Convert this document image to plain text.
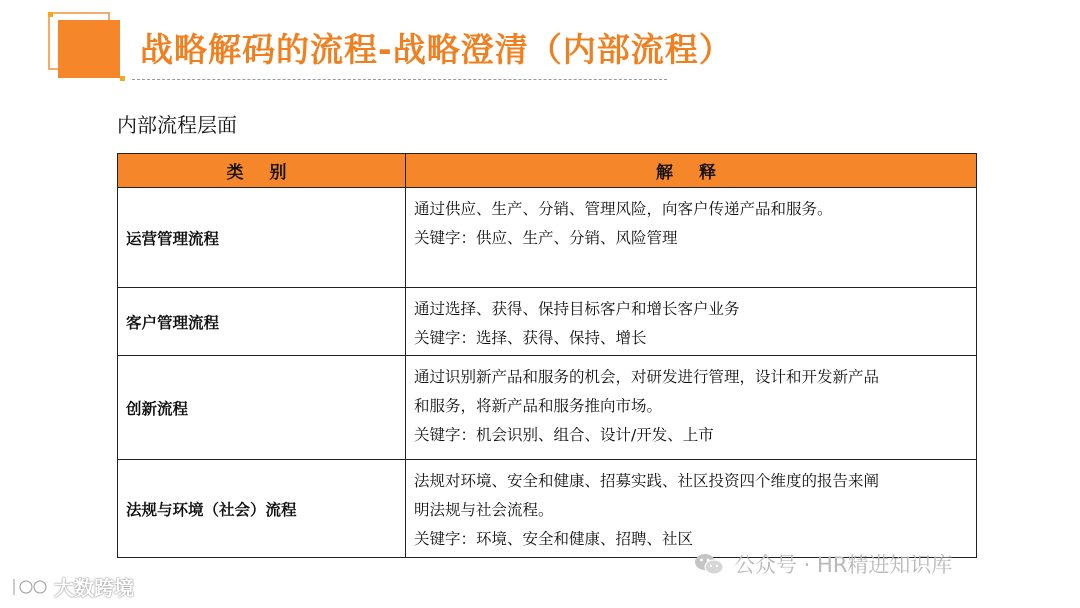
战略解码的流程-战略澄清（内部流程）
内部流程层面
类 别	解 释
运营管理流程	通过供应、生产、分销、管理风险，向客户传递产品和服务。
关键字：供应、生产、分销、风险管理

客户管理流程	通过选择、获得、保持目标客户和增长客户业务
关键字：选择、获得、保持、增长

创新流程	通过识别新产品和服务的机会，对研发进行管理，设计和开发新产品
和服务，将新产品和服务推向市场。
关键字：机会识别、组合、设计/开发、上市

法规与环境（社会）流程	法规对环境、安全和健康、招募实践、社区投资四个维度的报告来阐
明法规与社会流程。
关键字：环境、安全和健康、招聘、社区
公众号 · HR精进知识库
大数跨境
